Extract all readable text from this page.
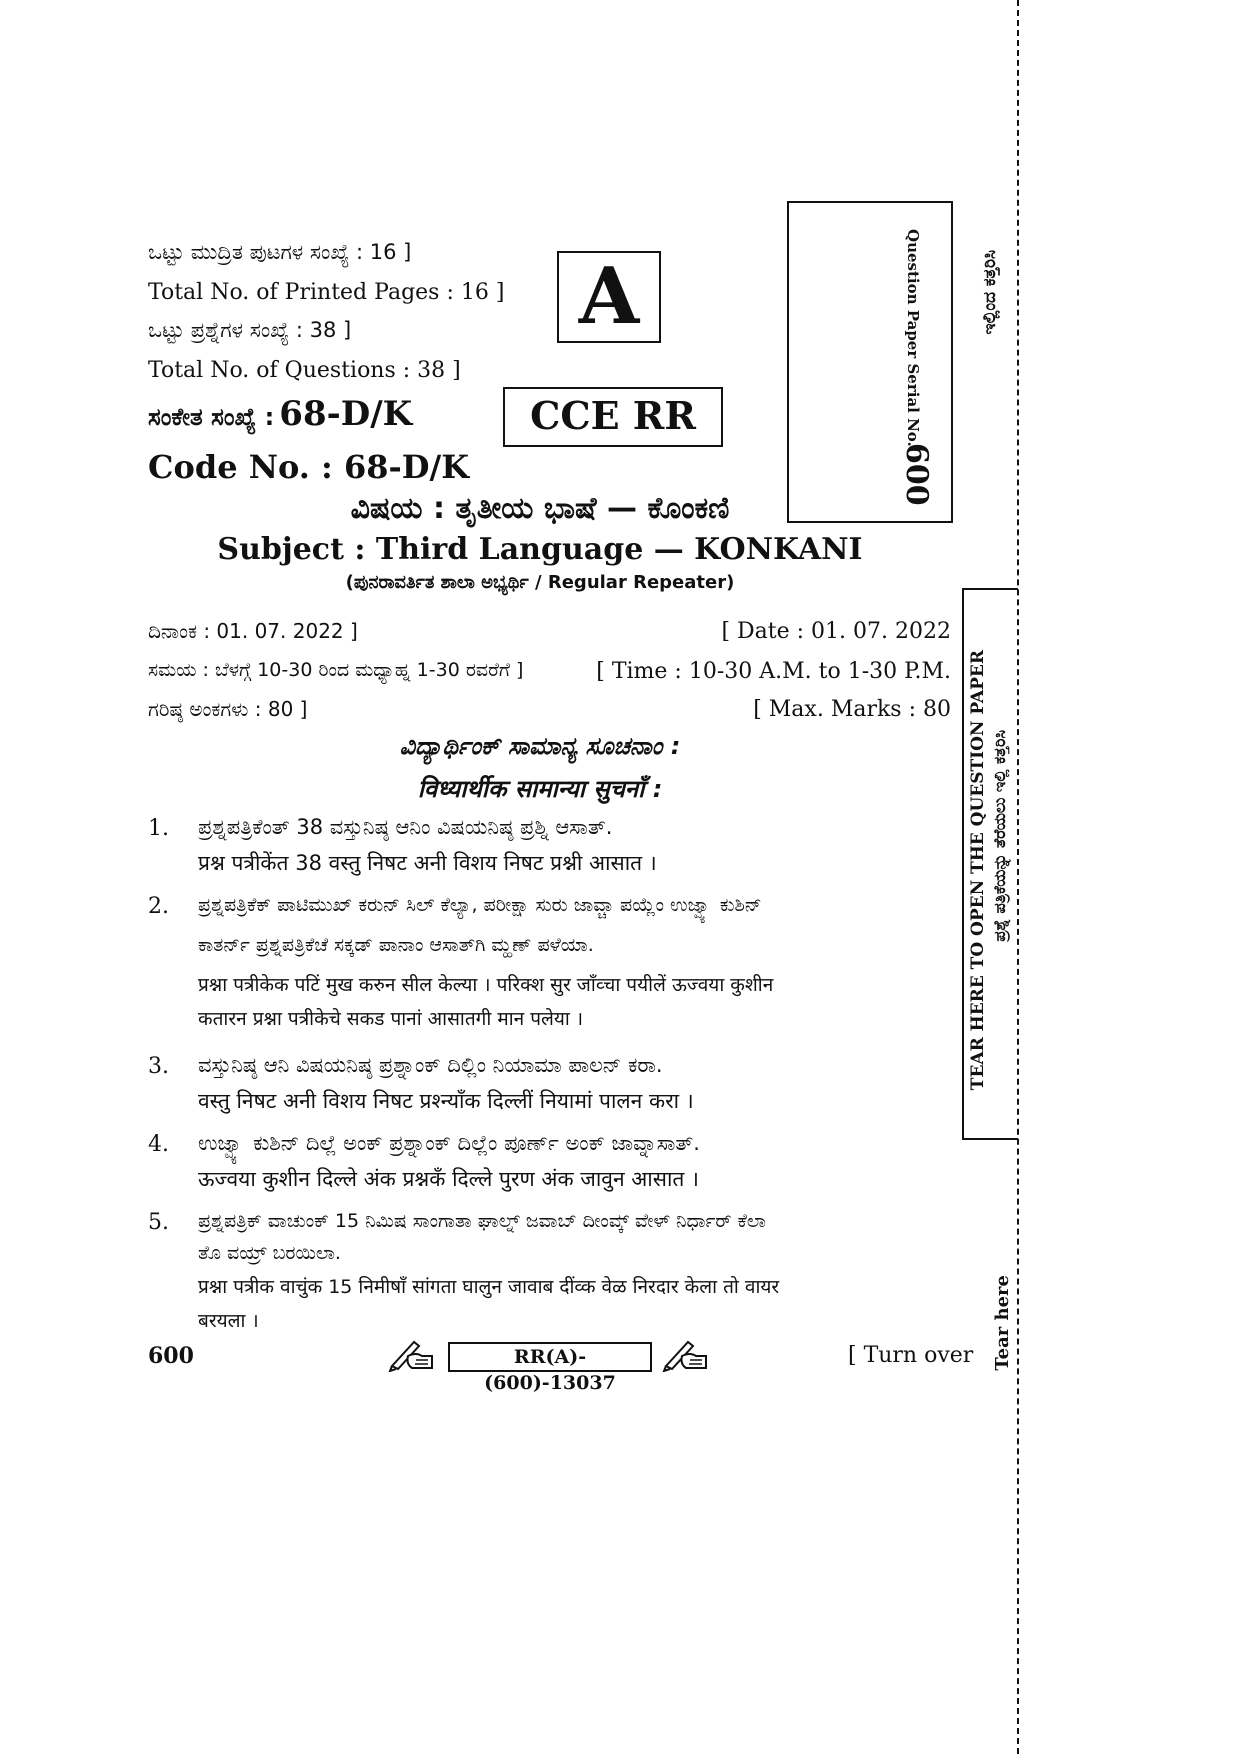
ಒಟ್ಟು ಮುದ್ರಿತ ಪುಟಗಳ ಸಂಖ್ಯೆ : 16 ]
Total No. of Printed Pages : 16 ]
ಒಟ್ಟು ಪ್ರಶ್ನೆಗಳ ಸಂಖ್ಯೆ : 38 ]
Total No. of Questions : 38 ]
ಸಂಕೇತ ಸಂಖ್ಯೆ : 68-D/K
Code No. : 68-D/K
A
CCE RR	Question Paper Serial No.
600
ವಿಷಯ : ತೃತೀಯ ಭಾಷೆ — ಕೊಂಕಣಿ
Subject : Third Language — KONKANI
(ಪುನರಾವರ್ತಿತ ಶಾಲಾ ಅಭ್ಯರ್ಥಿ / Regular Repeater)
ದಿನಾಂಕ : 01. 07. 2022 ]	[ Date : 01. 07. 2022
ಸಮಯ : ಬೆಳಗ್ಗೆ 10-30 ರಿಂದ ಮಧ್ಯಾಹ್ನ 1-30 ರವರೆಗೆ ]	[ Time : 10-30 A.M. to 1-30 P.M.
ಗರಿಷ್ಠ ಅಂಕಗಳು : 80 ]	[ Max. Marks : 80
ವಿದ್ಯಾರ್ಥಿಂಕ್ ಸಾಮಾನ್ಯ ಸೂಚನಾಂ :
विध्यार्थीक सामान्या सुचनाँ :
1. ಪ್ರಶ್ನಪತ್ರಿಕೆಂತ್ 38 ವಸ್ತುನಿಷ್ಠ ಆನಿಂ ವಿಷಯನಿಷ್ಠ ಪ್ರಶ್ನಿ ಆಸಾತ್.
प्रश्न पत्रीकेंत 38 वस्तु निषट अनी विशय निषट प्रश्नी आसात ।
2. ಪ್ರಶ್ನಪತ್ರಿಕೆಕ್ ಪಾಟಿಮುಖ್ ಕರುನ್ ಸಿಲ್ ಕೆಲ್ಯಾ, ಪರೀಕ್ಷಾ ಸುರು ಜಾವ್ಚಾ ಪಯ್ಲೆಂ ಉಜ್ವ್ಯಾ ಕುಶಿನ್
ಕಾತರ್ನ್ ಪ್ರಶ್ನಪತ್ರಿಕೆಚೆ ಸಕ್ಕಡ್ ಪಾನಾಂ ಆಸಾತ್‌ಗಿ ಮ್ಹಣ್ ಪಳೆಯಾ.
प्रश्ना पत्रीकेक पटिं मुख करुन सील केल्या । परिक्श सुर जाँव्चा पयीलें ऊज्वया कुशीन
कतारन प्रश्ना पत्रीकेचे सकड पानां आसातगी मान पलेया ।
3. ವಸ್ತುನಿಷ್ಠ ಆನಿ ವಿಷಯನಿಷ್ಠ ಪ್ರಶ್ನಾಂಕ್ ದಿಲ್ಲಿಂ ನಿಯಾಮಾ ಪಾಲನ್ ಕರಾ.
वस्तु निषट अनी विशय निषट प्रश्न्याँक दिल्लीं नियामां पालन करा ।
4. ಉಜ್ವ್ಯಾ ಕುಶಿನ್ ದಿಲ್ಲೆ ಅಂಕ್ ಪ್ರಶ್ನಾಂಕ್ ದಿಲ್ಲೆಂ ಪೂರ್ಣ್ ಅಂಕ್ ಜಾವ್ನಾಸಾತ್.
ऊज्वया कुशीन दिल्ले अंक प्रश्नकँ दिल्ले पुरण अंक जावुन आसात ।
5. ಪ್ರಶ್ನಪತ್ರಿಕ್ ವಾಚುಂಕ್ 15 ನಿಮಿಷ ಸಾಂಗಾತಾ ಘಾಲ್ನ್ ಜವಾಬ್ ದೀಂವ್ಕ್ ವೇಳ್ ನಿರ್ಧಾರ್ ಕೆಲಾ
ತೊ ವಯ್ರ್ ಬರಯಿಲಾ.
प्रश्ना पत्रीक वाचुंक 15 निमीषाँ सांगता घालुन जावाब दींव्क वेळ निरदार केला तो वायर
बरयला ।
600	RR(A)-(600)-13037
[ Turn over
ಇಲ್ಲಿಂದ ಕತ್ತರಿಸಿ
TEAR HERE TO OPEN THE QUESTION PAPER ಪ್ರಶ್ನೆ ಪತ್ರಿಕೆಯನ್ನು ತೆರೆಯಲು ಇಲ್ಲಿ ಕತ್ತರಿಸಿ
Tear here
